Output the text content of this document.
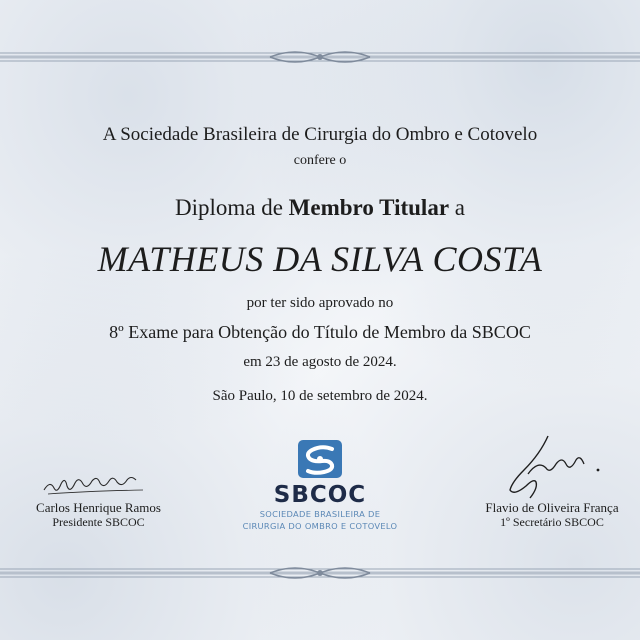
A Sociedade Brasileira de Cirurgia do Ombro e Cotovelo
confere o
Diploma de Membro Titular a
MATHEUS DA SILVA COSTA
por ter sido aprovado no
8º Exame para Obtenção do Título de Membro da SBCOC
em 23 de agosto de 2024.
São Paulo, 10 de setembro de 2024.
Carlos Henrique Ramos
Presidente SBCOC
Flavio de Oliveira França
1º Secretário SBCOC
SBCOC
SOCIEDADE BRASILEIRA DE
CIRURGIA DO OMBRO E COTOVELO
